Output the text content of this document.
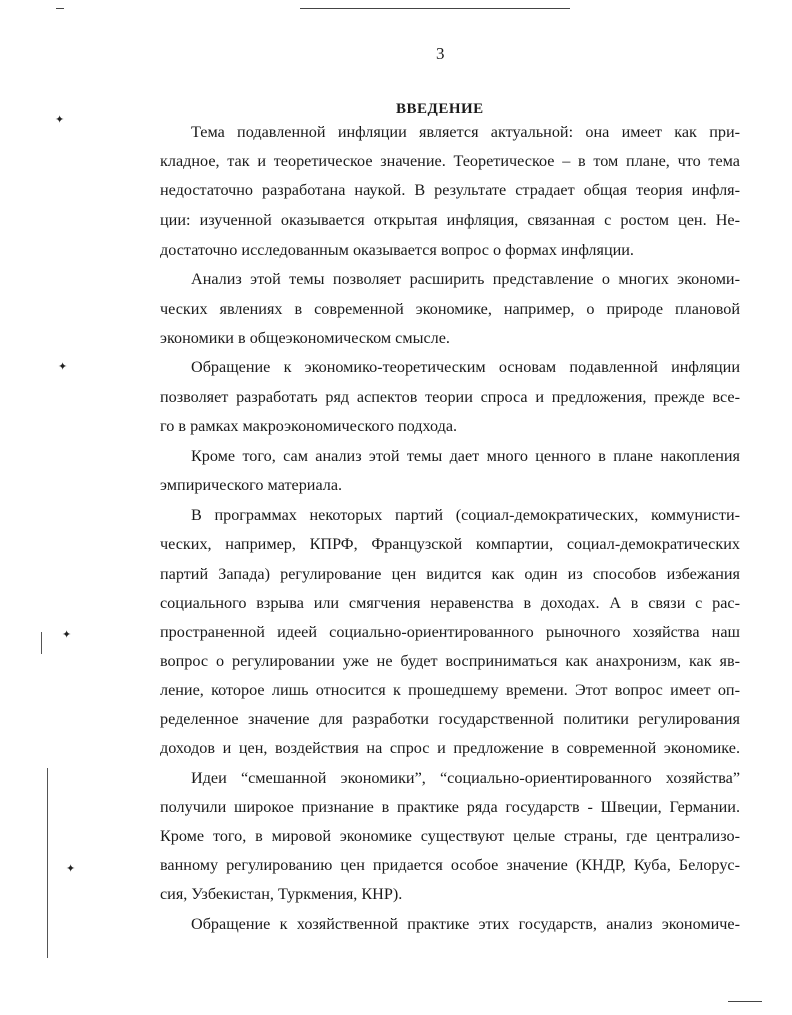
3
ВВЕДЕНИЕ
Тема подавленной инфляции является актуальной: она имеет как при-
кладное, так и теоретическое значение. Теоретическое – в том плане, что тема
недостаточно разработана наукой. В результате страдает общая теория инфля-
ции: изученной оказывается открытая инфляция, связанная с ростом цен. Не-
достаточно исследованным оказывается вопрос о формах инфляции.
Анализ этой темы позволяет расширить представление о многих экономи-
ческих явлениях в современной экономике, например, о природе плановой
экономики в общеэкономическом смысле.
Обращение к экономико-теоретическим основам подавленной инфляции
позволяет разработать ряд аспектов теории спроса и предложения, прежде все-
го в рамках макроэкономического подхода.
Кроме того, сам анализ этой темы дает много ценного в плане накопления
эмпирического материала.
В программах некоторых партий (социал-демократических, коммунисти-
ческих, например, КПРФ, Французской компартии, социал-демократических
партий Запада) регулирование цен видится как один из способов избежания
социального взрыва или смягчения неравенства в доходах. А в связи с рас-
пространенной идеей социально-ориентированного рыночного хозяйства наш
вопрос о регулировании уже не будет восприниматься как анахронизм, как яв-
ление, которое лишь относится к прошедшему времени. Этот вопрос имеет оп-
ределенное значение для разработки государственной политики регулирования
доходов и цен, воздействия на спрос и предложение в современной экономике.
Идеи “смешанной экономики”, “социально-ориентированного хозяйства”
получили широкое признание в практике ряда государств - Швеции, Германии.
Кроме того, в мировой экономике существуют целые страны, где централизо-
ванному регулированию цен придается особое значение (КНДР, Куба, Белорус-
сия, Узбекистан, Туркмения, КНР).
Обращение к хозяйственной практике этих государств, анализ экономиче-
✦
✦
✦
✦
